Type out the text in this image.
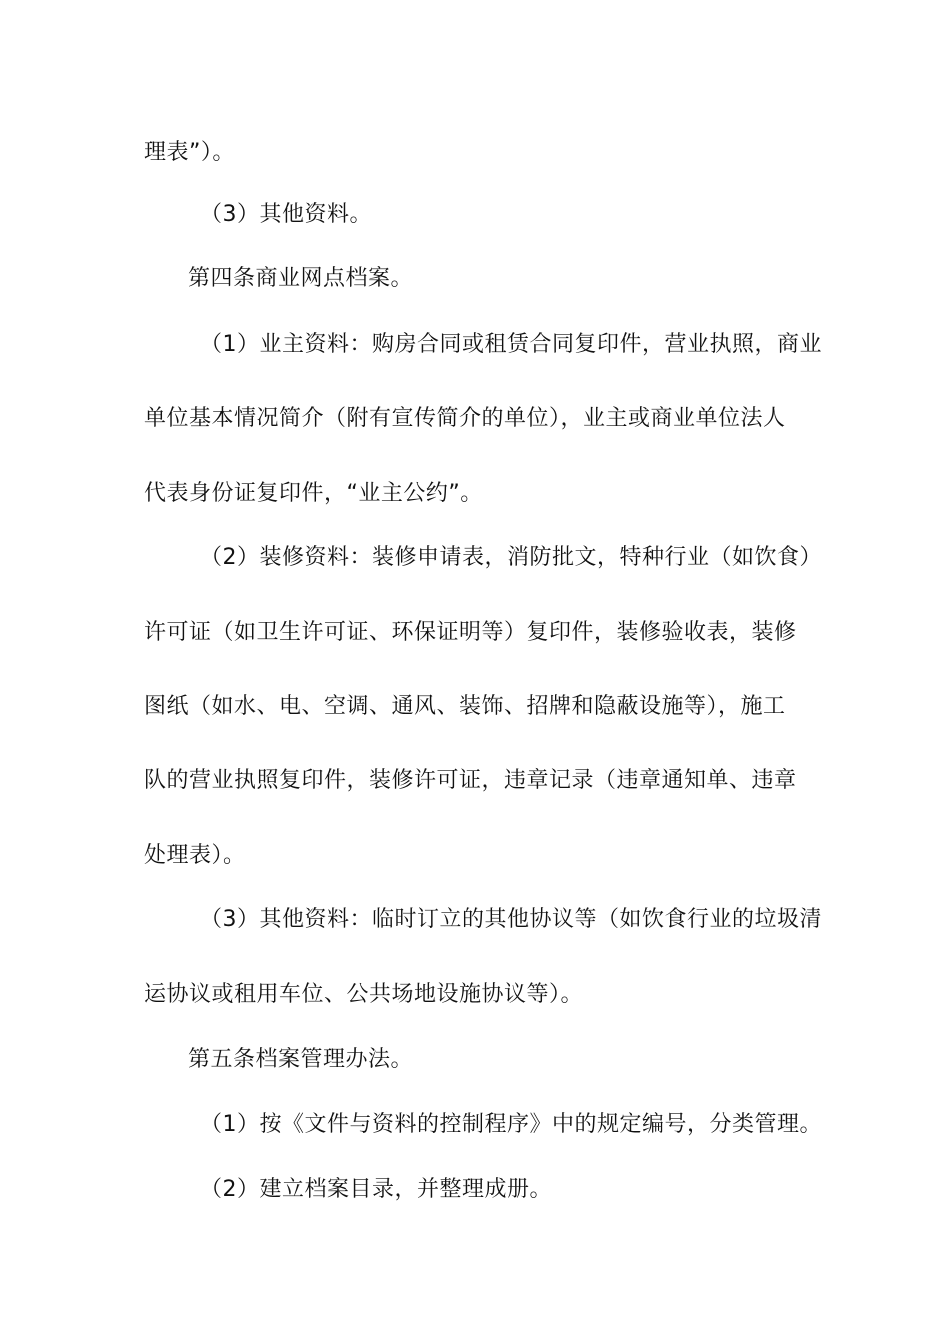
理表”）。
（3）其他资料。
第四条商业网点档案。
（1）业主资料：购房合同或租赁合同复印件，营业执照，商业
单位基本情况简介（附有宣传简介的单位），业主或商业单位法人
代表身份证复印件，“业主公约”。
（2）装修资料：装修申请表，消防批文，特种行业（如饮食）
许可证（如卫生许可证、环保证明等）复印件，装修验收表，装修
图纸（如水、电、空调、通风、装饰、招牌和隐蔽设施等），施工
队的营业执照复印件，装修许可证，违章记录（违章通知单、违章
处理表）。
（3）其他资料：临时订立的其他协议等（如饮食行业的垃圾清
运协议或租用车位、公共场地设施协议等）。
第五条档案管理办法。
（1）按《文件与资料的控制程序》中的规定编号，分类管理。
（2）建立档案目录，并整理成册。
